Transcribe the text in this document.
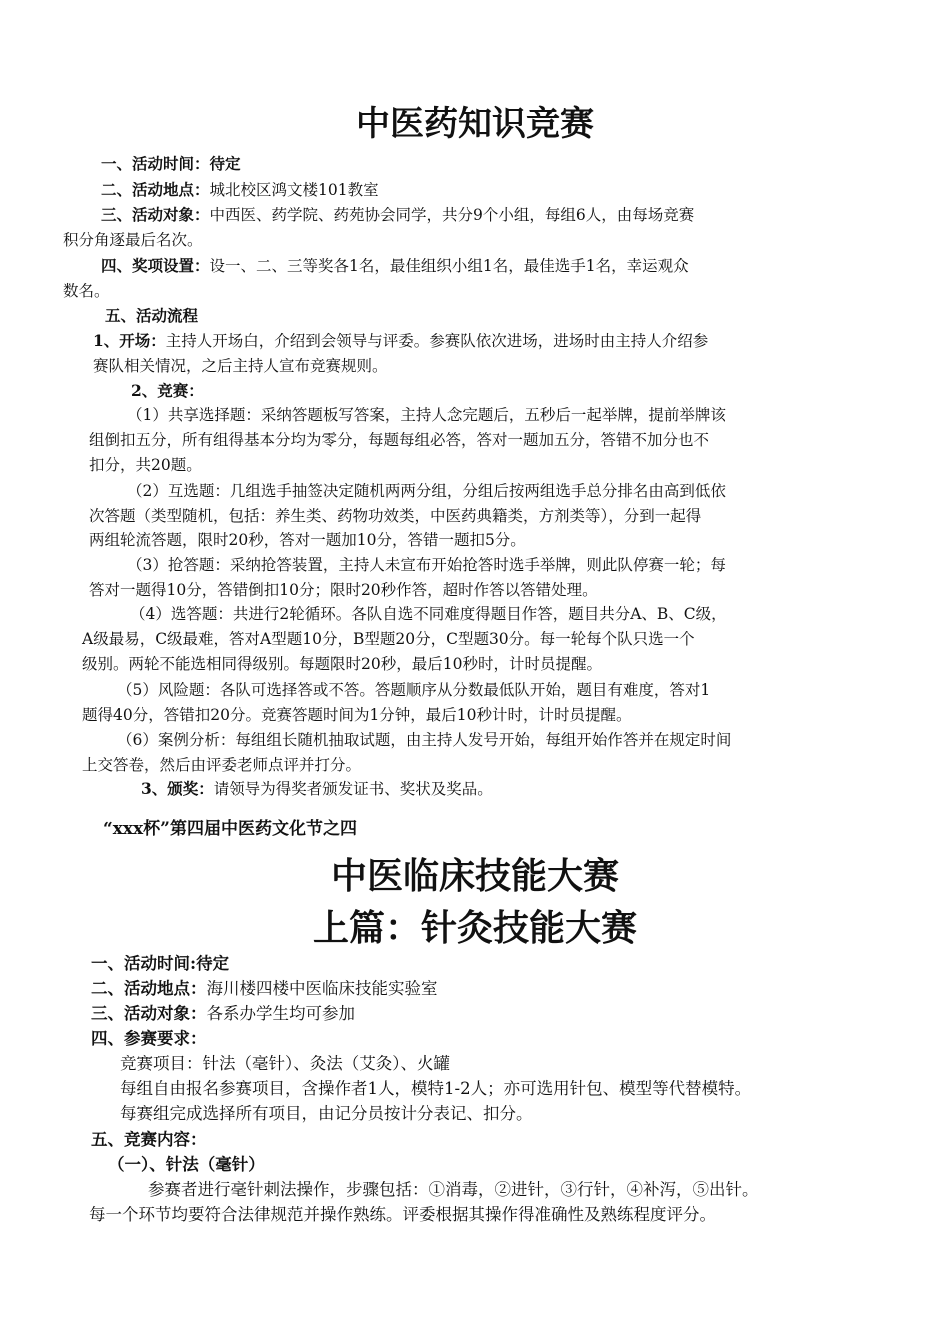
中医药知识竞赛
一、活动时间：待定
二、活动地点：城北校区鸿文楼101教室
三、活动对象：中西医、药学院、药苑协会同学，共分9个小组，每组6人，由每场竞赛
积分角逐最后名次。
四、奖项设置：设一、二、三等奖各1名，最佳组织小组1名，最佳选手1名，幸运观众
数名。
五、活动流程
1、开场：主持人开场白，介绍到会领导与评委。参赛队依次进场，进场时由主持人介绍参
赛队相关情况，之后主持人宣布竞赛规则。
2、竞赛：
（1）共享选择题：采纳答题板写答案，主持人念完题后，五秒后一起举牌，提前举牌该
组倒扣五分，所有组得基本分均为零分，每题每组必答，答对一题加五分，答错不加分也不
扣分，共20题。
（2）互选题：几组选手抽签决定随机两两分组，分组后按两组选手总分排名由高到低依
次答题（类型随机，包括：养生类、药物功效类，中医药典籍类，方剂类等），分到一起得
两组轮流答题，限时20秒，答对一题加10分，答错一题扣5分。
（3）抢答题：采纳抢答装置，主持人未宣布开始抢答时选手举牌，则此队停赛一轮；每
答对一题得10分，答错倒扣10分；限时20秒作答，超时作答以答错处理。
（4）选答题：共进行2轮循环。各队自选不同难度得题目作答，题目共分A、B、C级，
A级最易，C级最难，答对A型题10分，B型题20分，C型题30分。每一轮每个队只选一个
级别。两轮不能选相同得级别。每题限时20秒，最后10秒时，计时员提醒。
（5）风险题：各队可选择答或不答。答题顺序从分数最低队开始，题目有难度，答对1
题得40分，答错扣20分。竞赛答题时间为1分钟，最后10秒计时，计时员提醒。
（6）案例分析：每组组长随机抽取试题，由主持人发号开始，每组开始作答并在规定时间
上交答卷，然后由评委老师点评并打分。
3、颁奖：请领导为得奖者颁发证书、奖状及奖品。
“xxx杯”第四届中医药文化节之四
中医临床技能大赛
上篇：针灸技能大赛
一、活动时间:待定
二、活动地点：海川楼四楼中医临床技能实验室
三、活动对象：各系办学生均可参加
四、参赛要求：
竞赛项目：针法（毫针）、灸法（艾灸）、火罐
每组自由报名参赛项目，含操作者1人，模特1-2人；亦可选用针包、模型等代替模特。
每赛组完成选择所有项目，由记分员按计分表记、扣分。
五、竞赛内容：
（一）、针法（毫针）
参赛者进行毫针刺法操作，步骤包括：①消毒，②进针，③行针，④补泻，⑤出针。
每一个环节均要符合法律规范并操作熟练。评委根据其操作得准确性及熟练程度评分。
